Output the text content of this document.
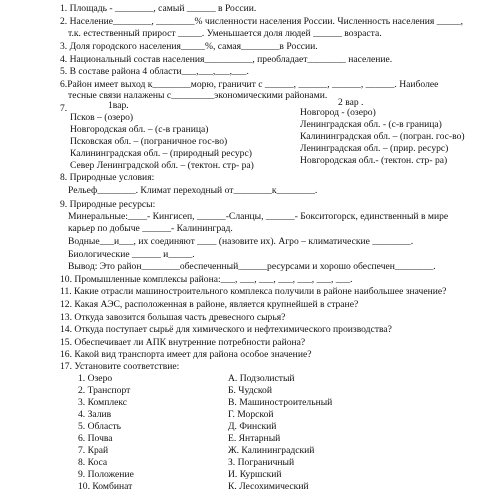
1. Площадь - ________, самый ______ в России.
2. Население________, ________% численности населения России. Численность населения _____,
т.к. естественный прирост _____. Уменьшается доля людей ______ возраста.
3. Доля городского населения_____%, самая________в России.
4. Национальный состав населения__________, преобладает________ население.
5. В составе района 4 области___,___,___,___.
6.Район имеет выход к________морю, граничит с ______, ______, ______, ______. Наиболее
тесные связи налажены с_________экономическими районами.
7.	1вар.	2 вар .
Псков – (озеро)
Новгородская обл. – (с-в граница)
Псковская обл. – (пограничное гос-во)
Калининградская обл. – (природный ресурс)
Север Ленинградской обл. – (тектон. стр- ра)
Новгород - (озеро)
Ленинградская обл. - (с-в граница)
Калининградская обл. – (погран. гос-во)
Ленинградская обл. – (прир. ресурс)
Новгородская обл.- (тектон. стр- ра)
8. Природные условия:
Рельеф________. Климат переходный от________к________.
9. Природные ресурсы:
Минеральные:____- Кингисеп, ______-Сланцы, ______- Бокситогорск, единственный в мире
карьер по добыче ______- Калининград.
Водные___и___, их соединяют ____ (назовите их). Агро – климатические ________.
Биологические ______ и_____.
Вывод: Это район________обеспеченный______ресурсами и хорошо обеспечен________.
10. Промышленные комплексы района:___, ___, ___, ___, ___, ___, ___.
11. Какие отрасли машиностроительного комплекса получили в районе наибольшее значение?
12. Какая АЭС, расположенная в районе, является крупнейшей в стране?
13. Откуда завозится большая часть древесного сырья?
14. Откуда поступает сырьё для химического и нефтехимического производства?
15. Обеспечивает ли АПК внутренние потребности района?
16. Какой вид транспорта имеет для района особое значение?
17. Установите соответствие:
1. Озеро
2. Транспорт
3. Комплекс
4. Залив
5. Область
6. Почва
7. Край
8. Коса
9. Положение
10. Комбинат
А. Подзолистый
Б. Чудской
В. Машиностроительный
Г. Морской
Д. Финский
Е. Янтарный
Ж. Калининградский
З. Пограничный
И. Куршский
К. Лесохимический
